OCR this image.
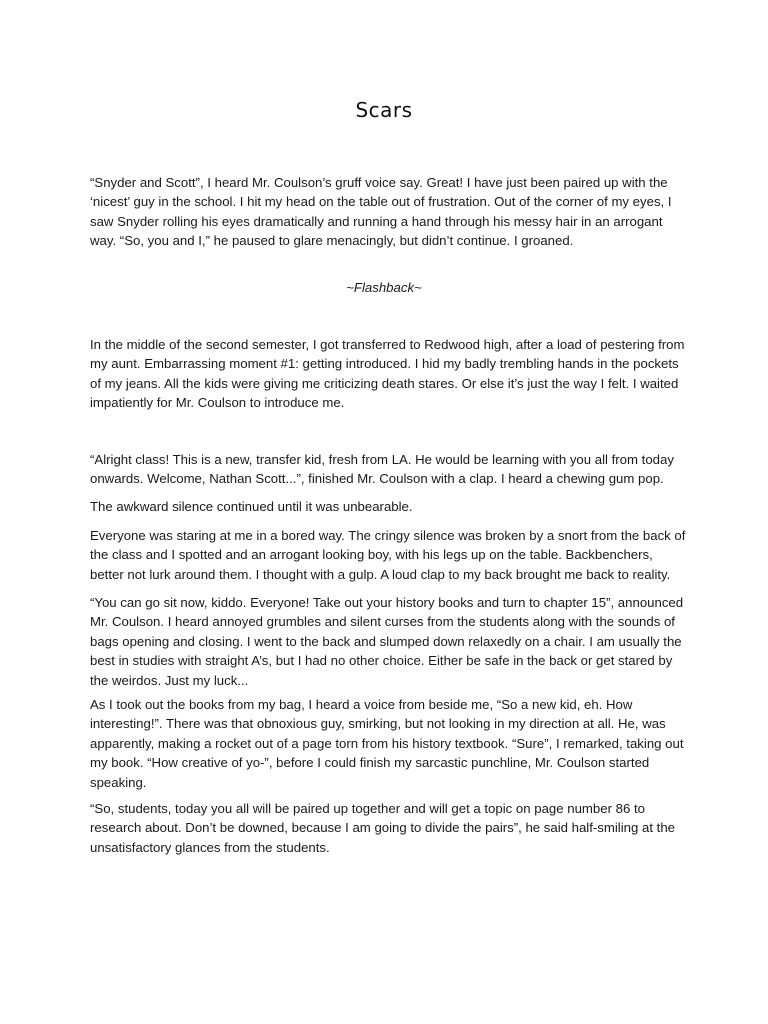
Scars

“Snyder and Scott”, I heard Mr. Coulson’s gruff voice say. Great! I have just been paired up with the ‘nicest’ guy in the school. I hit my head on the table out of frustration. Out of the corner of my eyes, I saw Snyder rolling his eyes dramatically and running a hand through his messy hair in an arrogant way. “So, you and I,” he paused to glare menacingly, but didn’t continue. I groaned.

~Flashback~

In the middle of the second semester, I got transferred to Redwood high, after a load of pestering from my aunt. Embarrassing moment #1: getting introduced. I hid my badly trembling hands in the pockets of my jeans. All the kids were giving me criticizing death stares. Or else it’s just the way I felt. I waited impatiently for Mr. Coulson to introduce me.

“Alright class! This is a new, transfer kid, fresh from LA. He would be learning with you all from today onwards. Welcome, Nathan Scott...”, finished Mr. Coulson with a clap. I heard a chewing gum pop.

The awkward silence continued until it was unbearable.

Everyone was staring at me in a bored way. The cringy silence was broken by a snort from the back of the class and I spotted and an arrogant looking boy, with his legs up on the table. Backbenchers, better not lurk around them. I thought with a gulp. A loud clap to my back brought me back to reality.

“You can go sit now, kiddo. Everyone! Take out your history books and turn to chapter 15”, announced Mr. Coulson. I heard annoyed grumbles and silent curses from the students along with the sounds of bags opening and closing. I went to the back and slumped down relaxedly on a chair. I am usually the best in studies with straight A’s, but I had no other choice. Either be safe in the back or get stared by the weirdos. Just my luck...

As I took out the books from my bag, I heard a voice from beside me, “So a new kid, eh. How interesting!”. There was that obnoxious guy, smirking, but not looking in my direction at all. He, was apparently, making a rocket out of a page torn from his history textbook. “Sure”, I remarked, taking out my book. “How creative of yo-”, before I could finish my sarcastic punchline, Mr. Coulson started speaking.

“So, students, today you all will be paired up together and will get a topic on page number 86 to research about. Don’t be downed, because I am going to divide the pairs”, he said half-smiling at the unsatisfactory glances from the students.
